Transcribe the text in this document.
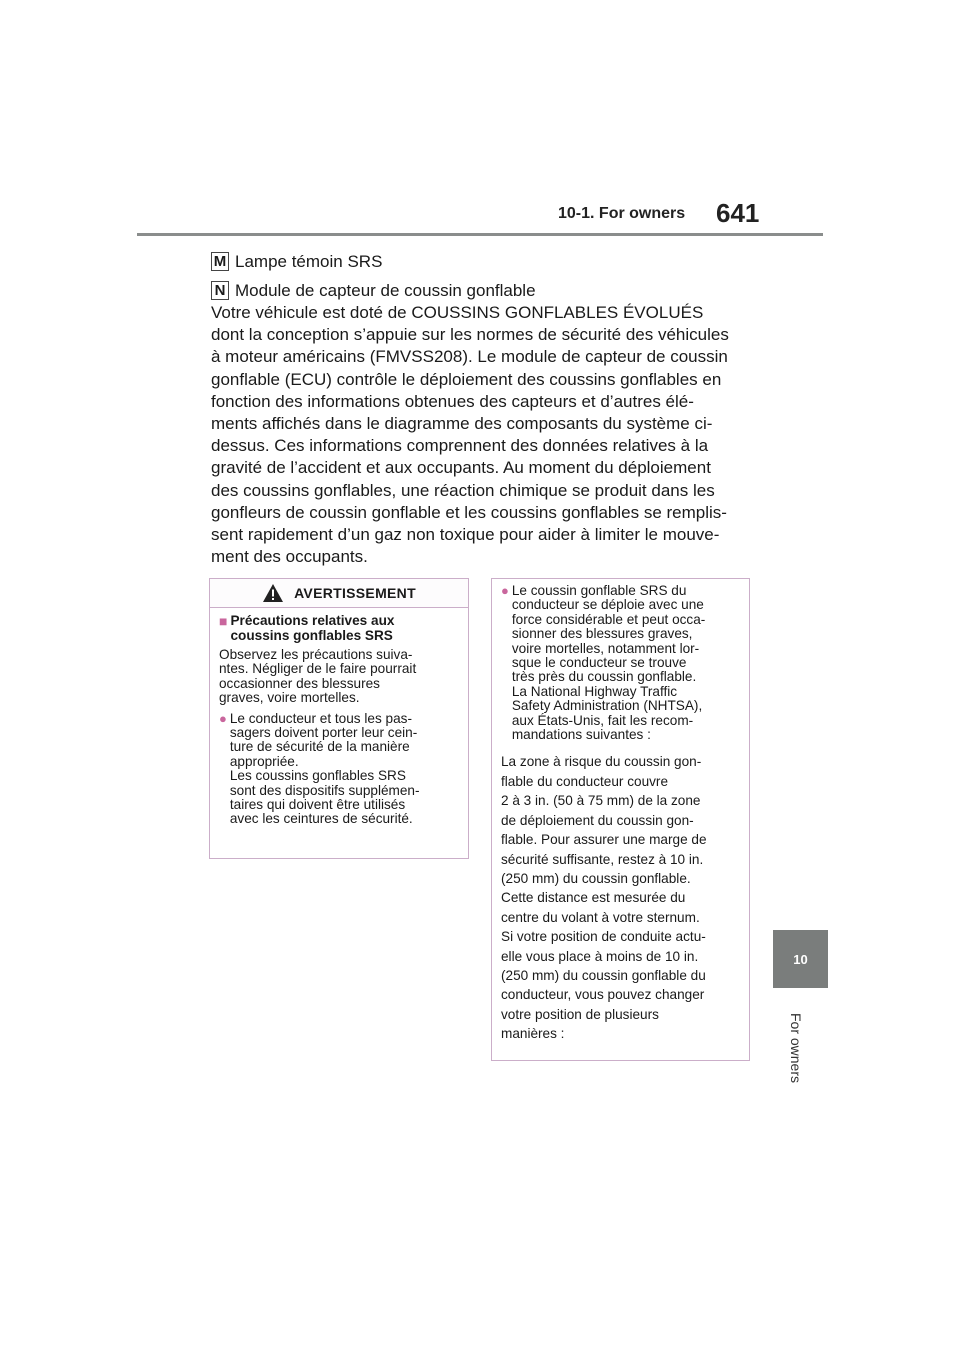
10-1. For owners 641
10
For owners
M Lampe témoin SRS
N Module de capteur de coussin gonflable

Votre véhicule est doté de COUSSINS GONFLABLES ÉVOLUÉS
dont la conception s’appuie sur les normes de sécurité des véhicules
à moteur américains (FMVSS208). Le module de capteur de coussin
gonflable (ECU) contrôle le déploiement des coussins gonflables en
fonction des informations obtenues des capteurs et d’autres élé-
ments affichés dans le diagramme des composants du système ci-
dessus. Ces informations comprennent des données relatives à la
gravité de l’accident et aux occupants. Au moment du déploiement
des coussins gonflables, une réaction chimique se produit dans les
gonfleurs de coussin gonflable et les coussins gonflables se remplis-
sent rapidement d’un gaz non toxique pour aider à limiter le mouve-
ment des occupants.

AVERTISSEMENT
■ Précautions relatives aux
coussins gonflables SRS
Observez les précautions suiva-
ntes. Négliger de le faire pourrait
occasionner des blessures
graves, voire mortelles.
● Le conducteur et tous les pas-
sagers doivent porter leur cein-
ture de sécurité de la manière
appropriée.
Les coussins gonflables SRS
sont des dispositifs supplémen-
taires qui doivent être utilisés
avec les ceintures de sécurité.
● Le coussin gonflable SRS du
conducteur se déploie avec une
force considérable et peut occa-
sionner des blessures graves,
voire mortelles, notamment lor-
sque le conducteur se trouve
très près du coussin gonflable.
La National Highway Traffic
Safety Administration (NHTSA),
aux États-Unis, fait les recom-
mandations suivantes :
La zone à risque du coussin gon-
flable du conducteur couvre
2 à 3 in. (50 à 75 mm) de la zone
de déploiement du coussin gon-
flable. Pour assurer une marge de
sécurité suffisante, restez à 10 in.
(250 mm) du coussin gonflable.
Cette distance est mesurée du
centre du volant à votre sternum.
Si votre position de conduite actu-
elle vous place à moins de 10 in.
(250 mm) du coussin gonflable du
conducteur, vous pouvez changer
votre position de plusieurs
manières :
